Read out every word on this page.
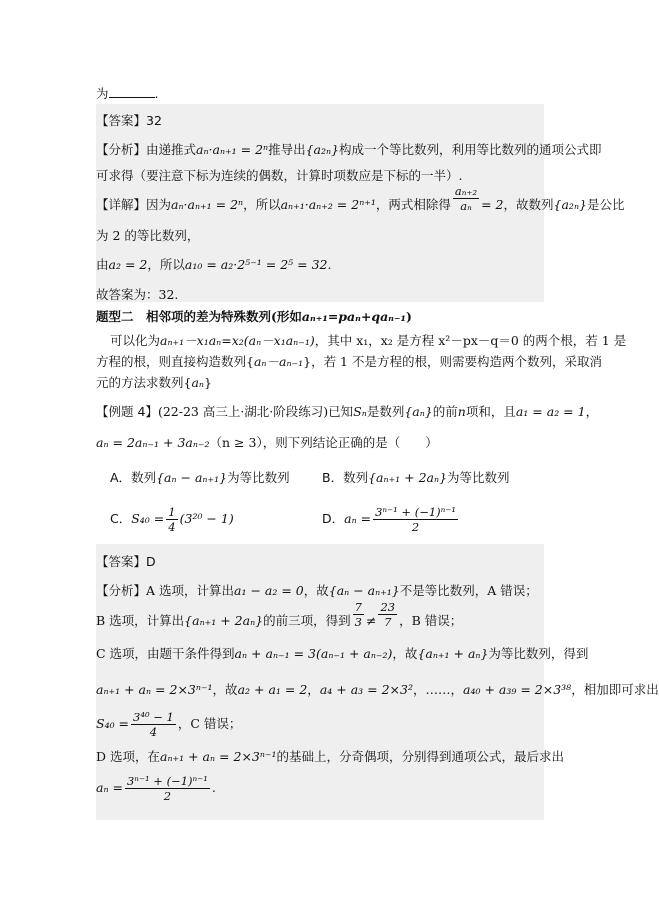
为	.
【答案】32
【分析】由递推式aₙ·aₙ₊₁ = 2ⁿ推导出{a₂ₙ}构成一个等比数列，利用等比数列的通项公式即
可求得（要注意下标为连续的偶数，计算时项数应是下标的一半）.
【详解】因为aₙ·aₙ₊₁ = 2ⁿ，所以aₙ₊₁·aₙ₊₂ = 2ⁿ⁺¹，两式相除得 $\frac{\text{aₙ₊₂}}{\text{aₙ}} = 2$，故数列{a₂ₙ}是公比
为 2 的等比数列，
由a₂ = 2，所以a₁₀ = a₂·2⁵⁻¹ = 2⁵ = 32.
故答案为：32.
题型二　相邻项的差为特殊数列(形如aₙ₊₁=paₙ+qaₙ₋₁)
可以化为aₙ₊₁－x₁aₙ=x₂(aₙ－x₁aₙ₋₁)，其中 x₁，x₂ 是方程 x²－px－q＝0 的两个根，若 1 是
方程的根，则直接构造数列{aₙ－aₙ₋₁}，若 1 不是方程的根，则需要构造两个数列，采取消
元的方法求数列{aₙ}
【例题 4】(22-23 高三上·湖北·阶段练习)已知Sₙ是数列{aₙ}的前n项和，且a₁ = a₂ = 1，
aₙ = 2aₙ₋₁ + 3aₙ₋₂（n ≥ 3），则下列结论正确的是（　　）
A．数列{aₙ − aₙ₊₁}为等比数列	B．数列{aₙ₊₁ + 2aₙ}为等比数列
C．$S_{40} = \frac{1}{4} (3^{20} - 1)$	D．$a_n = \frac{\text{3ⁿ⁻¹ + (−1)ⁿ⁻¹}}{2}$
【答案】D
【分析】A 选项，计算出a₁ − a₂ = 0，故{aₙ − aₙ₊₁}不是等比数列，A 错误；
B 选项，计算出{aₙ₊₁ + 2aₙ}的前三项，得到 $\frac{7}{3} \ne \frac{23}{7}$ ，B 错误；
C 选项，由题干条件得到aₙ + aₙ₋₁ = 3(aₙ₋₁ + aₙ₋₂)，故{aₙ₊₁ + aₙ}为等比数列，得到
aₙ₊₁ + aₙ = 2×3ⁿ⁻¹，故a₂ + a₁ = 2，a₄ + a₃ = 2×3²，……，a₄₀ + a₃₉ = 2×3³⁸，相加即可求出
$S_{40} = \frac{\text{3⁴⁰ − 1}}{4}$ ，C 错误；
D 选项，在aₙ₊₁ + aₙ = 2×3ⁿ⁻¹的基础上，分奇偶项，分别得到通项公式，最后求出
$a_n = \frac{\text{3ⁿ⁻¹ + (−1)ⁿ⁻¹}}{2}$ .
